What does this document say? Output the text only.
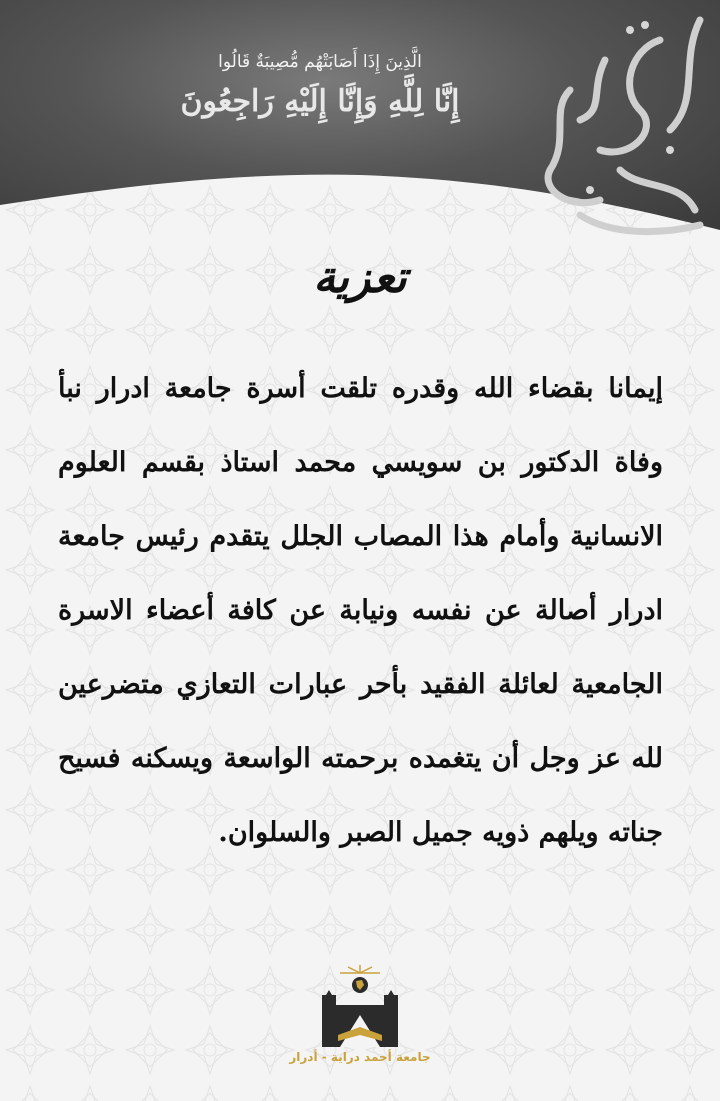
الَّذِينَ إِذَا أَصَابَتْهُم مُّصِيبَةٌ قَالُوا
إِنَّا لِلَّهِ وَإِنَّا إِلَيْهِ رَاجِعُونَ
تعزية
إيمانا بقضاء الله وقدره تلقت أسرة جامعة ادرار نبأ وفاة الدكتور بن سويسي محمد استاذ بقسم العلوم الانسانية وأمام هذا المصاب الجلل يتقدم رئيس جامعة ادرار أصالة عن نفسه ونيابة عن كافة أعضاء الاسرة الجامعية لعائلة الفقيد بأحر عبارات التعازي متضرعين لله عز وجل أن يتغمده برحمته الواسعة ويسكنه فسيح جناته ويلهم ذويه جميل الصبر والسلوان.
جامعة أحمد دراية - أدرار
